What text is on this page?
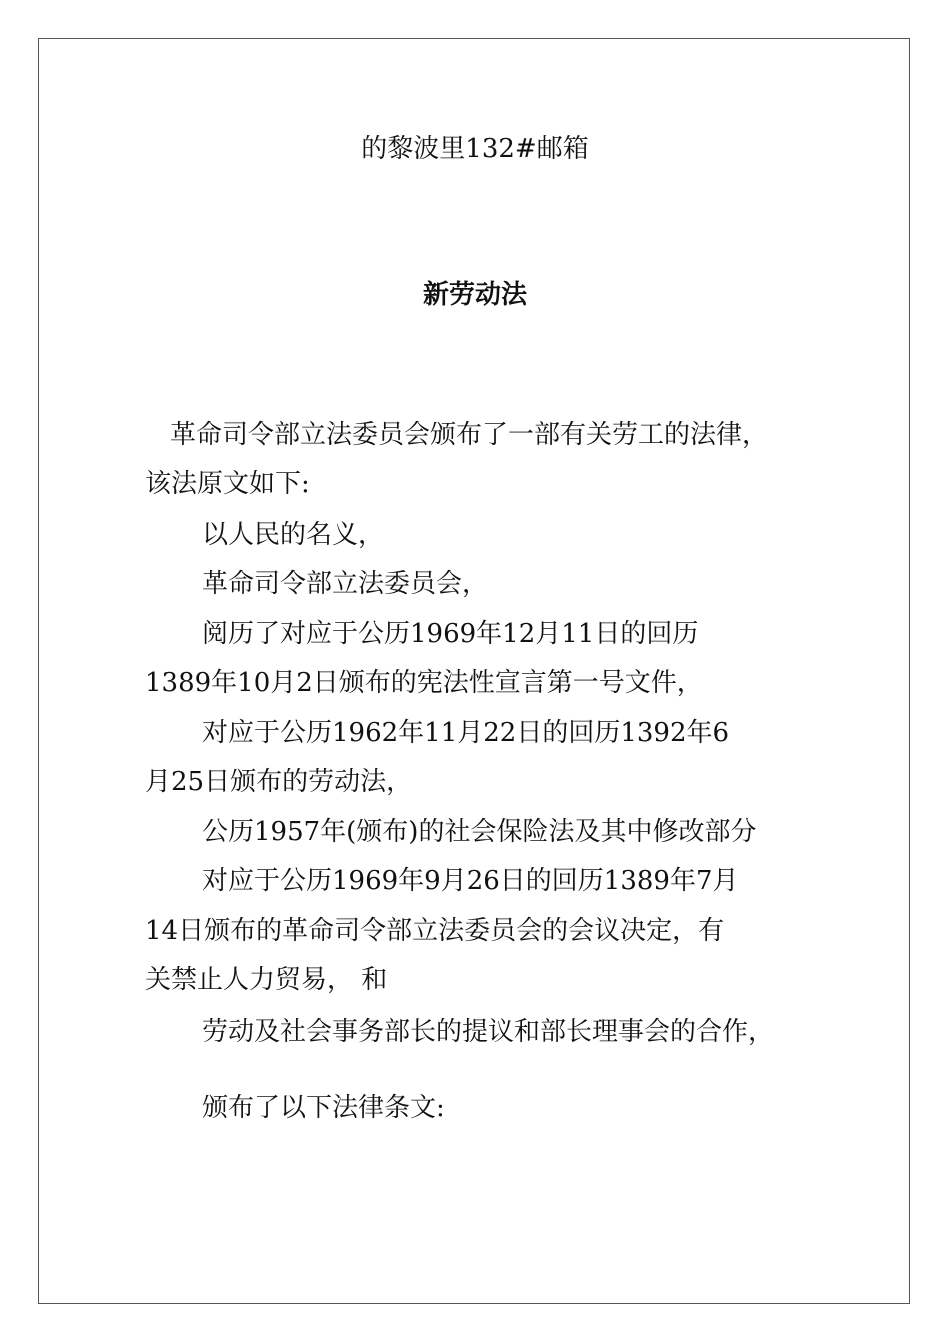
的黎波里132#邮箱
新劳动法
革命司令部立法委员会颁布了一部有关劳工的法律，
该法原文如下:
以人民的名义，
革命司令部立法委员会，
阅历了对应于公历1969年12月11日的回历
1389年10月2日颁布的宪法性宣言第一号文件，
对应于公历1962年11月22日的回历1392年6
月25日颁布的劳动法，
公历1957年(颁布)的社会保险法及其中修改部分
对应于公历1969年9月26日的回历1389年7月
14日颁布的革命司令部立法委员会的会议决定，有
关禁止人力贸易， 和
劳动及社会事务部长的提议和部长理事会的合作，
颁布了以下法律条文:
